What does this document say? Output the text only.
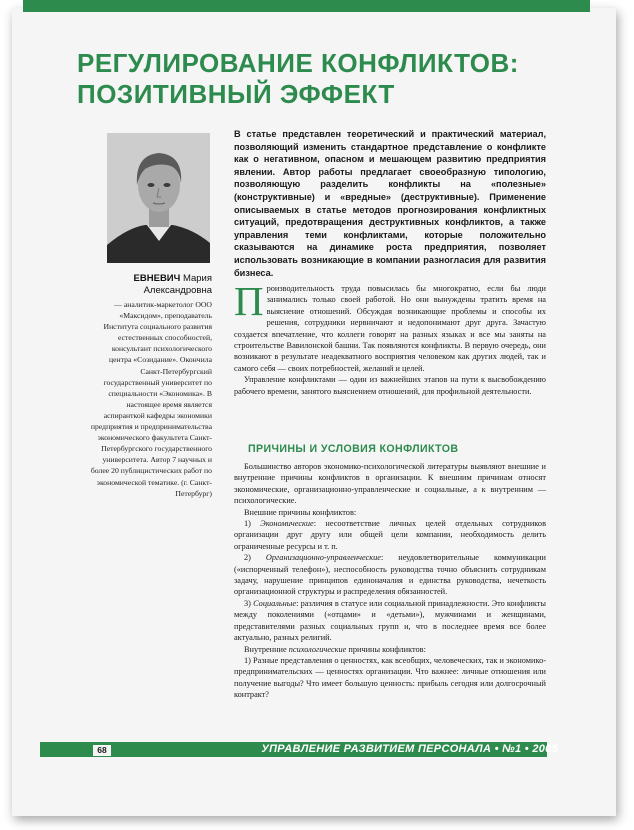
РЕГУЛИРОВАНИЕ КОНФЛИКТОВ:
ПОЗИТИВНЫЙ ЭФФЕКТ
В статье представлен теоретический и практический материал, позволяющий изменить стандартное представление о конфликте как о негативном, опасном и мешающем развитию предприятия явлении. Автор работы предлагает своеобразную типологию, позволяющую разделить конфликты на «полезные» (конструктивные) и «вредные» (деструктивные). Применение описываемых в статье методов прогнозирования конфликтных ситуаций, предотвращения деструктивных конфликтов, а также управления теми конфликтами, которые положительно сказываются на динамике роста предприятия, позволяет использовать возникающие в компании разногласия для развития бизнеса.
ЕВНЕВИЧ Мария
Александровна
— аналитик-маркетолог ООО «Максидом», преподаватель Института социального развития естественных способностей, консультант психологического центра «Созидание». Окончила Санкт-Петербургский государственный университет по специальности «Экономика». В настоящее время является аспиранткой кафедры экономики предприятия и предпринимательства экономического факультета Санкт-Петербургского государственного университета. Автор 7 научных и более 20 публицистических работ по экономической тематике. (г. Санкт-Петербург)

Производительность труда повысилась бы многократно, если бы люди занимались только своей работой. Но они вынуждены тратить время на выяснение отношений. Обсуждая возникающие проблемы и способы их решения, сотрудники нервничают и недопонимают друг друга. Зачастую создается впечатление, что коллеги говорят на разных языках и все мы заняты на строительстве Вавилонской башни. Так появляются конфликты. В первую очередь, они возникают в результате неадекватного восприятия человеком как других людей, так и самого себя — своих потребностей, желаний и целей.

Управление конфликтами — один из важнейших этапов на пути к высвобождению рабочего времени, занятого выяснением отношений, для профильной деятельности.

ПРИЧИНЫ И УСЛОВИЯ КОНФЛИКТОВ

Большинство авторов экономико-психологической литературы выявляют внешние и внутренние причины конфликтов в организации. К внешним причинам относят экономические, организационно-управленческие и социальные, а к внутренним — психологические.

Внешние причины конфликтов:

1) Экономические: несоответствие личных целей отдельных сотрудников организации друг другу или общей цели компании, необходимость делить ограниченные ресурсы и т. п.

2) Организационно-управленческие: неудовлетворительные коммуникации («испорченный телефон»), неспособность руководства точно объяснить сотрудникам задачу, нарушение принципов единоначалия и единства руководства, нечеткость организационной структуры и распределения обязанностей.

3) Социальные: различия в статусе или социальной принадлежности. Это конфликты между поколениями («отцами» и «детьми»), мужчинами и женщинами, представителями разных социальных групп и, что в последнее время все более актуально, разных религий.

Внутренние психологические причины конфликтов:

1) Разные представления о ценностях, как всеобщих, человеческих, так и экономико-предпринимательских — ценностях организации. Что важнее: личные отношения или получение выгоды? Что имеет большую ценность: прибыль сегодня или долгосрочный контракт?

68	УПРАВЛЕНИЕ РАЗВИТИЕМ ПЕРСОНАЛА • №1 • 2005
